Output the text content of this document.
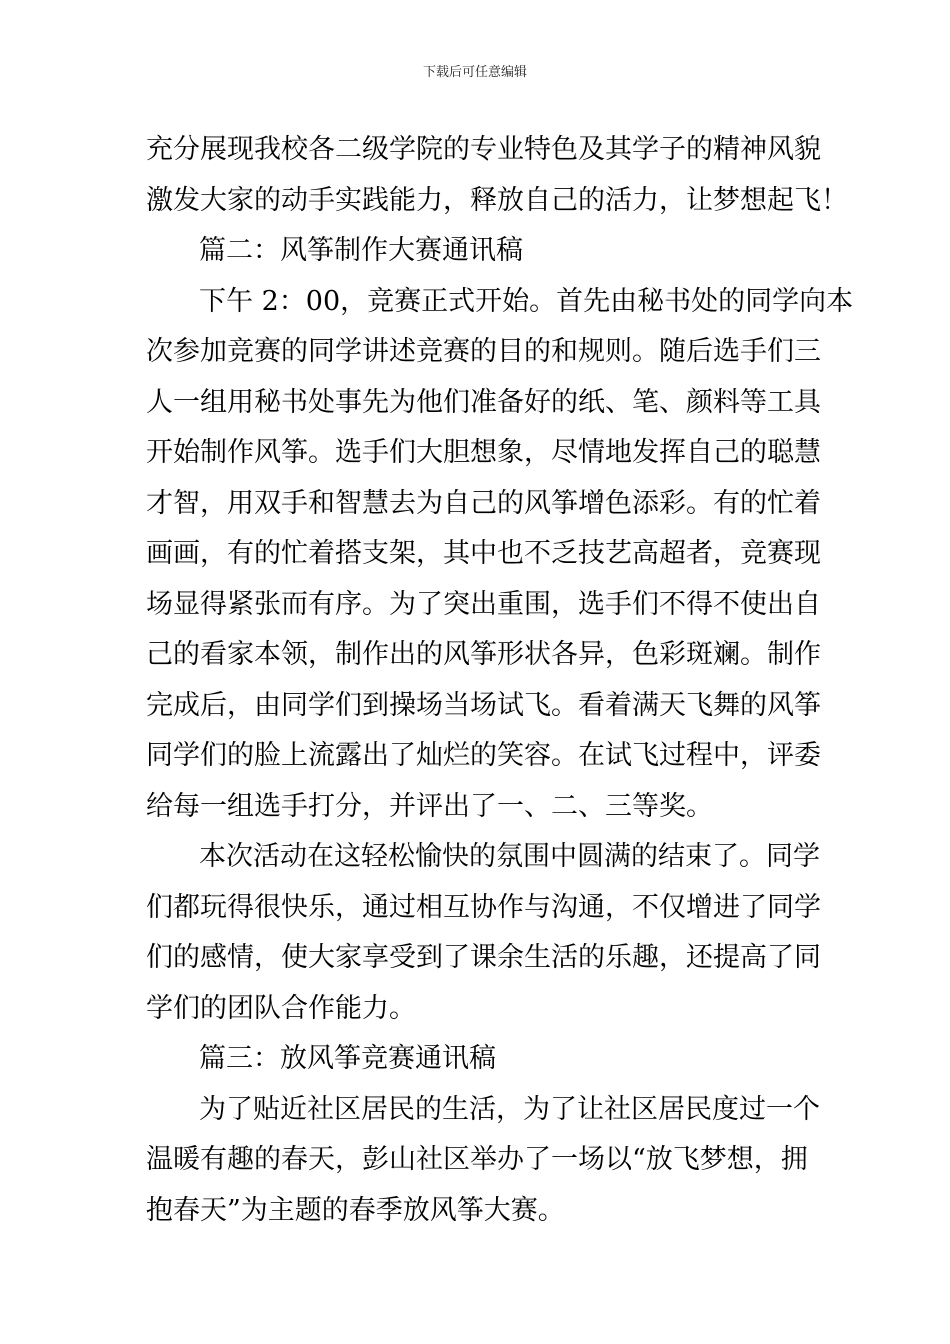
下载后可任意编辑
充分展现我校各二级学院的专业特色及其学子的精神风貌
激发大家的动手实践能力，释放自己的活力，让梦想起飞！
篇二：风筝制作大赛通讯稿
下午 2：00，竞赛正式开始。首先由秘书处的同学向本
次参加竞赛的同学讲述竞赛的目的和规则。随后选手们三
人一组用秘书处事先为他们准备好的纸、笔、颜料等工具
开始制作风筝。选手们大胆想象，尽情地发挥自己的聪慧
才智，用双手和智慧去为自己的风筝增色添彩。有的忙着
画画，有的忙着搭支架，其中也不乏技艺高超者，竞赛现
场显得紧张而有序。为了突出重围，选手们不得不使出自
己的看家本领，制作出的风筝形状各异，色彩斑斓。制作
完成后，由同学们到操场当场试飞。看着满天飞舞的风筝
同学们的脸上流露出了灿烂的笑容。在试飞过程中，评委
给每一组选手打分，并评出了一、二、三等奖。
本次活动在这轻松愉快的氛围中圆满的结束了。同学
们都玩得很快乐，通过相互协作与沟通，不仅增进了同学
们的感情，使大家享受到了课余生活的乐趣，还提高了同
学们的团队合作能力。
篇三：放风筝竞赛通讯稿
为了贴近社区居民的生活，为了让社区居民度过一个
温暖有趣的春天，彭山社区举办了一场以“放飞梦想，拥
抱春天”为主题的春季放风筝大赛。
